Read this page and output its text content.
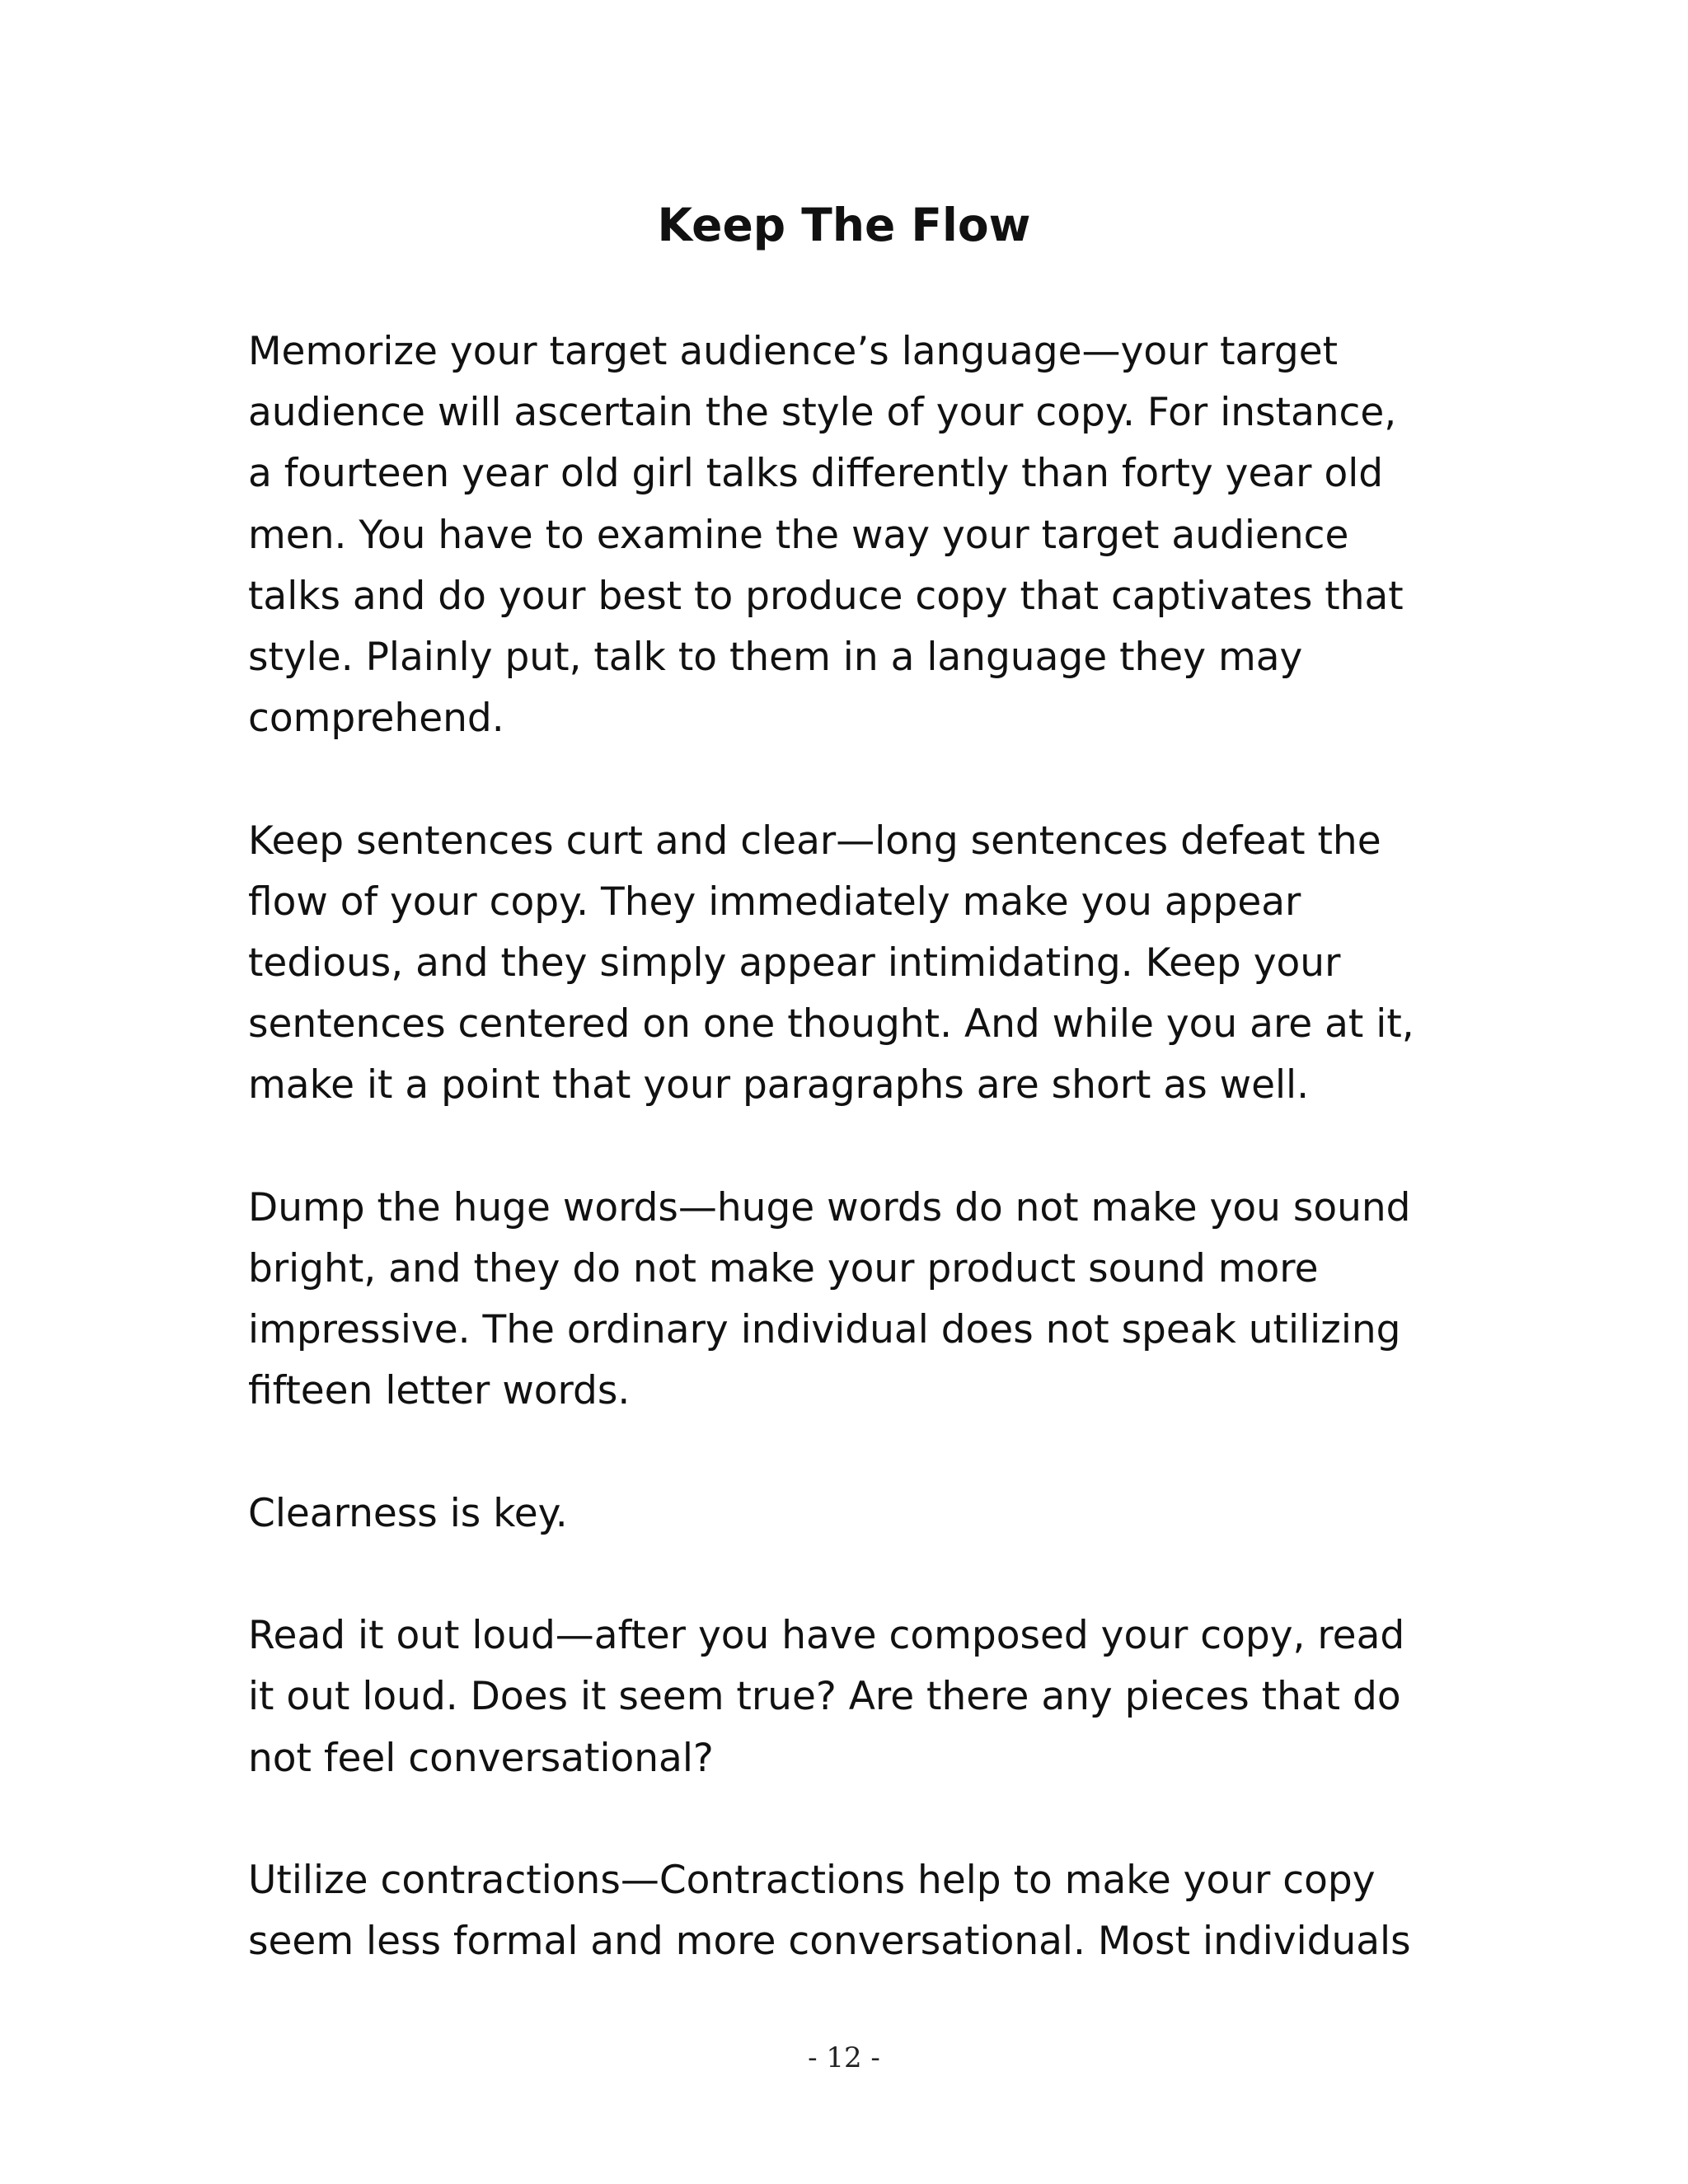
Keep The Flow

Memorize your target audience’s language—your target
audience will ascertain the style of your copy. For instance,
a fourteen year old girl talks differently than forty year old
men. You have to examine the way your target audience
talks and do your best to produce copy that captivates that
style. Plainly put, talk to them in a language they may
comprehend.

Keep sentences curt and clear—long sentences defeat the
flow of your copy. They immediately make you appear
tedious, and they simply appear intimidating. Keep your
sentences centered on one thought. And while you are at it,
make it a point that your paragraphs are short as well.

Dump the huge words—huge words do not make you sound
bright, and they do not make your product sound more
impressive. The ordinary individual does not speak utilizing
fifteen letter words.

Clearness is key.

Read it out loud—after you have composed your copy, read
it out loud. Does it seem true? Are there any pieces that do
not feel conversational?

Utilize contractions—Contractions help to make your copy
seem less formal and more conversational. Most individuals

- 12 -
